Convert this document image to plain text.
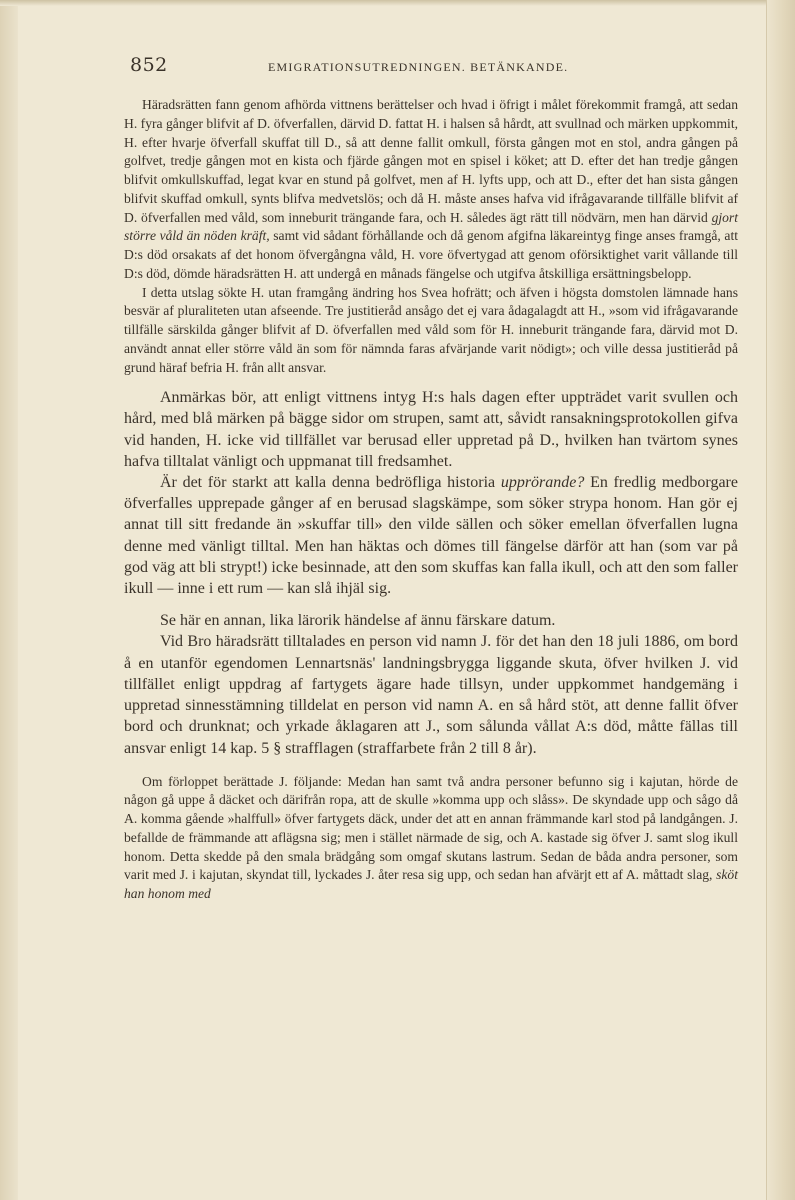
852	EMIGRATIONSUTREDNINGEN. BETÄNKANDE.

Häradsrätten fann genom afhörda vittnens berättelser och hvad i öfrigt i målet förekommit framgå, att sedan H. fyra gånger blifvit af D. öfverfallen, därvid D. fattat H. i halsen så hårdt, att svullnad och märken uppkommit, H. efter hvarje öfverfall skuffat till D., så att denne fallit omkull, första gången mot en stol, andra gången på golfvet, tredje gången mot en kista och fjärde gången mot en spisel i köket; att D. efter det han tredje gången blifvit omkullskuffad, legat kvar en stund på golfvet, men af H. lyfts upp, och att D., efter det han sista gången blifvit skuffad omkull, synts blifva medvetslös; och då H. måste anses hafva vid ifrågavarande tillfälle blifvit af D. öfverfallen med våld, som inneburit trängande fara, och H. således ägt rätt till nödvärn, men han därvid gjort större våld än nöden kräft, samt vid sådant förhållande och då genom afgifna läkareintyg finge anses framgå, att D:s död orsakats af det honom öfvergångna våld, H. vore öfvertygad att genom oförsiktighet varit vållande till D:s död, dömde häradsrätten H. att undergå en månads fängelse och utgifva åtskilliga ersättningsbelopp.

I detta utslag sökte H. utan framgång ändring hos Svea hofrätt; och äfven i högsta domstolen lämnade hans besvär af pluraliteten utan afseende. Tre justitieråd ansågo det ej vara ådagalagdt att H., »som vid ifrågavarande tillfälle särskilda gånger blifvit af D. öfverfallen med våld som för H. inneburit trängande fara, därvid mot D. användt annat eller större våld än som för nämnda faras afvärjande varit nödigt»; och ville dessa justitieråd på grund häraf befria H. från allt ansvar.

Anmärkas bör, att enligt vittnens intyg H:s hals dagen efter uppträdet varit svullen och hård, med blå märken på bägge sidor om strupen, samt att, såvidt ransakningsprotokollen gifva vid handen, H. icke vid tillfället var berusad eller uppretad på D., hvilken han tvärtom synes hafva tilltalat vänligt och uppmanat till fredsamhet.

Är det för starkt att kalla denna bedröfliga historia upprörande? En fredlig medborgare öfverfalles upprepade gånger af en berusad slagskämpe, som söker strypa honom. Han gör ej annat till sitt fredande än »skuffar till» den vilde sällen och söker emellan öfverfallen lugna denne med vänligt tilltal. Men han häktas och dömes till fängelse därför att han (som var på god väg att bli strypt!) icke besinnade, att den som skuffas kan falla ikull, och att den som faller ikull — inne i ett rum — kan slå ihjäl sig.

Se här en annan, lika lärorik händelse af ännu färskare datum.

Vid Bro häradsrätt tilltalades en person vid namn J. för det han den 18 juli 1886, om bord å en utanför egendomen Lennartsnäs' landningsbrygga liggande skuta, öfver hvilken J. vid tillfället enligt uppdrag af fartygets ägare hade tillsyn, under uppkommet handgemäng i uppretad sinnesstämning tilldelat en person vid namn A. en så hård stöt, att denne fallit öfver bord och drunknat; och yrkade åklagaren att J., som sålunda vållat A:s död, måtte fällas till ansvar enligt 14 kap. 5 § strafflagen (straffarbete från 2 till 8 år).

Om förloppet berättade J. följande: Medan han samt två andra personer befunno sig i kajutan, hörde de någon gå uppe å däcket och därifrån ropa, att de skulle »komma upp och slåss». De skyndade upp och sågo då A. komma gående »halffull» öfver fartygets däck, under det att en annan främmande karl stod på landgången. J. befallde de främmande att aflägsna sig; men i stället närmade de sig, och A. kastade sig öfver J. samt slog ikull honom. Detta skedde på den smala brädgång som omgaf skutans lastrum. Sedan de båda andra personer, som varit med J. i kajutan, skyndat till, lyckades J. åter resa sig upp, och sedan han afvärjt ett af A. måttadt slag, sköt han honom med
